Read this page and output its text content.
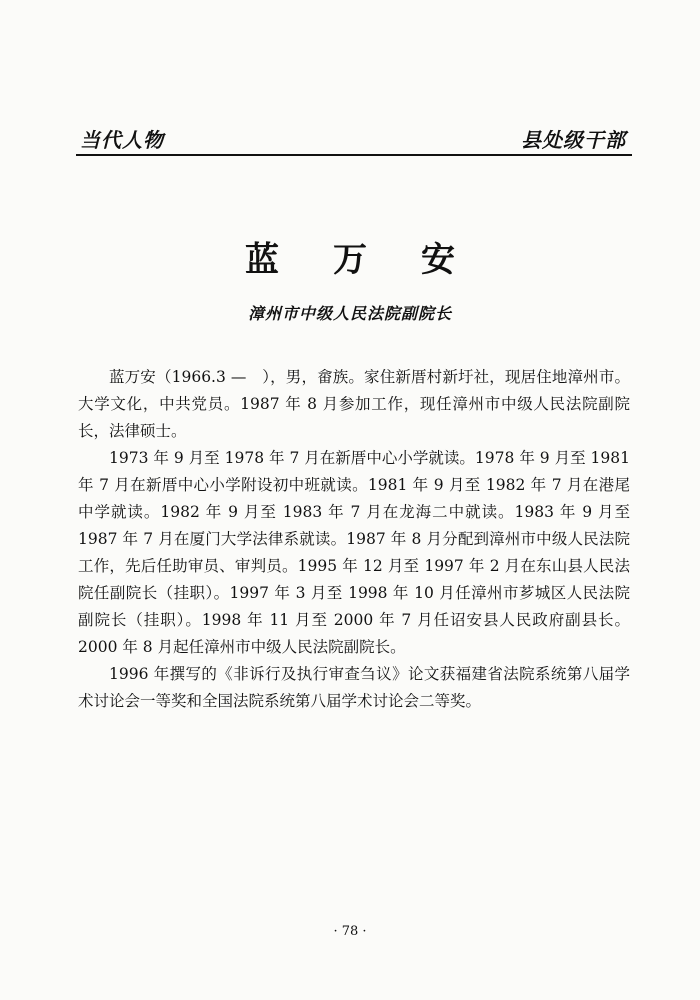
当代人物	县处级干部
蓝万安
漳州市中级人民法院副院长

蓝万安（1966.3 —　），男，畲族。家住新厝村新圩社，现居住地漳州市。大学文化，中共党员。1987 年 8 月参加工作，现任漳州市中级人民法院副院长，法律硕士。

1973 年 9 月至 1978 年 7 月在新厝中心小学就读。1978 年 9 月至 1981 年 7 月在新厝中心小学附设初中班就读。1981 年 9 月至 1982 年 7 月在港尾中学就读。1982 年 9 月至 1983 年 7 月在龙海二中就读。1983 年 9 月至 1987 年 7 月在厦门大学法律系就读。1987 年 8 月分配到漳州市中级人民法院工作，先后任助审员、审判员。1995 年 12 月至 1997 年 2 月在东山县人民法院任副院长（挂职）。1997 年 3 月至 1998 年 10 月任漳州市芗城区人民法院副院长（挂职）。1998 年 11 月至 2000 年 7 月任诏安县人民政府副县长。2000 年 8 月起任漳州市中级人民法院副院长。

1996 年撰写的《非诉行及执行审查刍议》论文获福建省法院系统第八届学术讨论会一等奖和全国法院系统第八届学术讨论会二等奖。

· 78 ·
